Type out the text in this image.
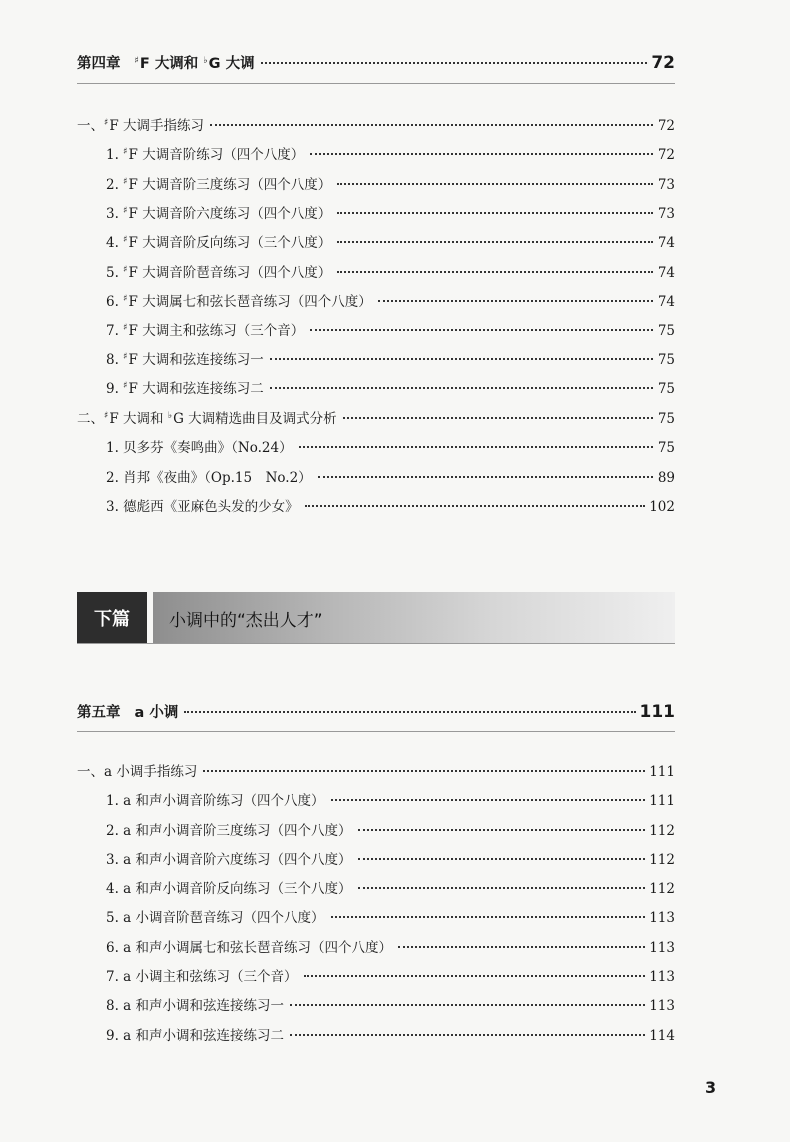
第四章 ♯F 大调和 ♭G 大调	72
一、♯F 大调手指练习	72
1. ♯F 大调音阶练习（四个八度）	72
2. ♯F 大调音阶三度练习（四个八度）	73
3. ♯F 大调音阶六度练习（四个八度）	73
4. ♯F 大调音阶反向练习（三个八度）	74
5. ♯F 大调音阶琶音练习（四个八度）	74
6. ♯F 大调属七和弦长琶音练习（四个八度）	74
7. ♯F 大调主和弦练习（三个音）	75
8. ♯F 大调和弦连接练习一	75
9. ♯F 大调和弦连接练习二	75
二、♯F 大调和 ♭G 大调精选曲目及调式分析	75
1. 贝多芬《奏鸣曲》（No.24）	75
2. 肖邦《夜曲》（Op.15　No.2）	89
3. 德彪西《亚麻色头发的少女》	102
下篇	小调中的“杰出人才”
第五章 a 小调	111
一、a 小调手指练习	111
1. a 和声小调音阶练习（四个八度）	111
2. a 和声小调音阶三度练习（四个八度）	112
3. a 和声小调音阶六度练习（四个八度）	112
4. a 和声小调音阶反向练习（三个八度）	112
5. a 小调音阶琶音练习（四个八度）	113
6. a 和声小调属七和弦长琶音练习（四个八度）	113
7. a 小调主和弦练习（三个音）	113
8. a 和声小调和弦连接练习一	113
9. a 和声小调和弦连接练习二	114
3
